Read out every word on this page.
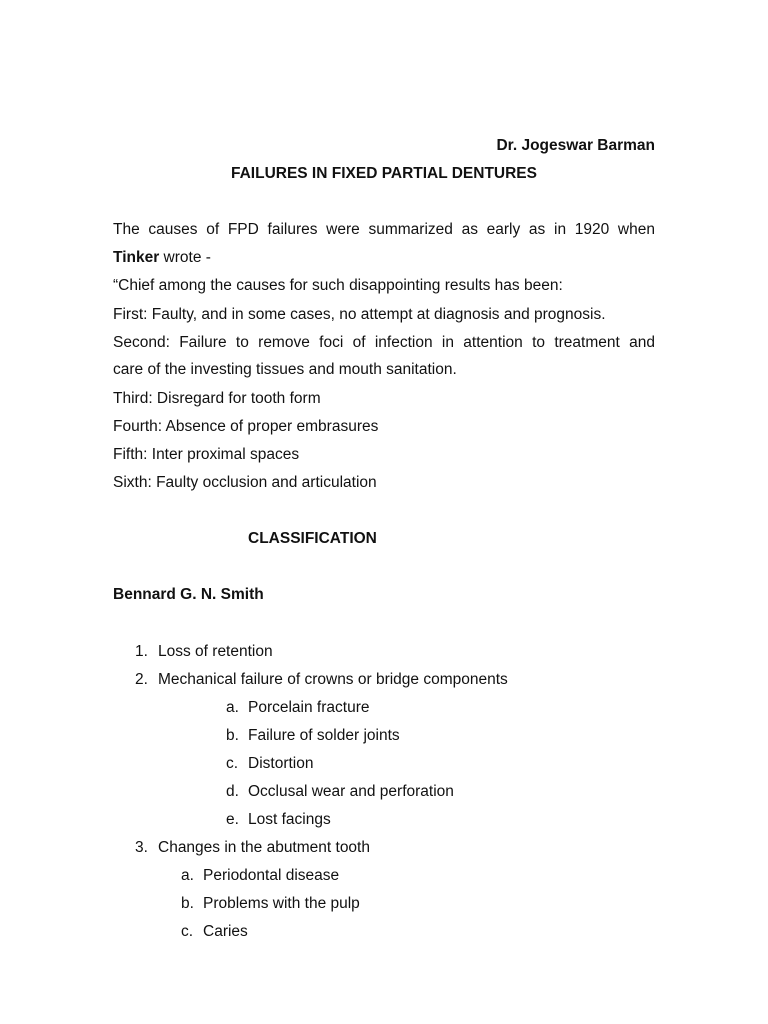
Dr. Jogeswar Barman
FAILURES IN FIXED PARTIAL DENTURES
The causes of FPD failures were summarized as early as in 1920 when
Tinker wrote -
“Chief among the causes for such disappointing results has been:
First: Faulty, and in some cases, no attempt at diagnosis and prognosis.
Second: Failure to remove foci of infection in attention to treatment and
care of the investing tissues and mouth sanitation.
Third: Disregard for tooth form
Fourth: Absence of proper embrasures
Fifth: Inter proximal spaces
Sixth: Faulty occlusion and articulation
CLASSIFICATION
Bennard G. N. Smith
1. Loss of retention
2. Mechanical failure of crowns or bridge components
a. Porcelain fracture
b. Failure of solder joints
c. Distortion
d. Occlusal wear and perforation
e. Lost facings
3. Changes in the abutment tooth
a. Periodontal disease
b. Problems with the pulp
c. Caries
